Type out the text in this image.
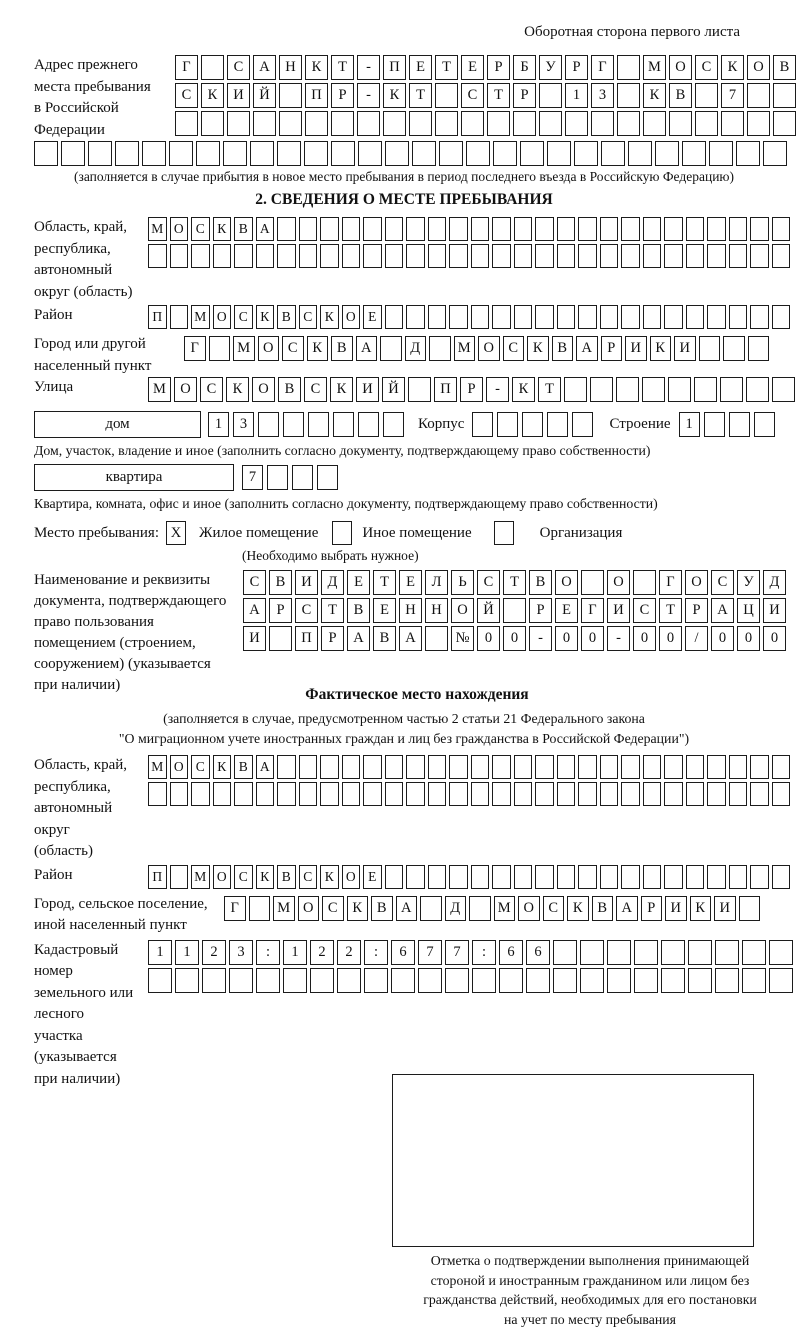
Оборотная сторона первого листа
Адрес прежнего
места пребывания
в Российской
Федерации
Г	С	А	Н	К	Т	-	П	Е	Т	Е	Р	Б	У	Р	Г	М О	С	К	О	В
С	К	И	Й	П	Р	-	К	Т	С	Т	Р	1	3	К	В	7
(заполняется в случае прибытия в новое место пребывания в период последнего въезда в Российскую Федерацию)
2. СВЕДЕНИЯ О МЕСТЕ ПРЕБЫВАНИЯ
Область, край,
республика,
автономный
округ (область)
М О С К В А
Район	П	М О С К В С К О Е
Город или другой
населенный пункт
Г	М О С	К	В А	Д	М О С	К	В А	Р	И К И
Улица	М О	С	К	О	В	С	К	И	Й	П	Р	-	К	Т
дом	1	3	Корпус	Строение	1
Дом, участок, владение и иное (заполнить согласно документу, подтверждающему право собственности)
квартира	7
Квартира, комната, офис и иное (заполнить согласно документу, подтверждающему право собственности)
Место пребывания: X	Жилое помещение	Иное помещение	Организация
(Необходимо выбрать нужное)
Наименование и реквизиты
документа, подтверждающего
право пользования
помещением (строением,
сооружением) (указывается
при наличии)
С	В	И	Д	Е	Т	Е	Л	Ь	С	Т	В	О	О	Г	О	С	У	Д
А	Р	С	Т	В	Е	Н	Н	О	Й	Р	Е	Г	И	С	Т	Р	А	Ц	И
И	П	Р	А	В	А	№	0	0	-	0	0	-	0	0	/	0	0	0
Фактическое место нахождения
(заполняется в случае, предусмотренном частью 2 статьи 21 Федерального закона
"О миграционном учете иностранных граждан и лиц без гражданства в Российской Федерации")
Область, край,
республика,
автономный округ
(область)
М О С К В А
Район	П	М О С К В С К О Е
Город, сельское поселение,
иной населенный пункт
Г	М О С	К	В А	Д	М О С	К	В А	Р	И К И
Кадастровый номер
земельного или лесного
участка (указывается
при наличии)
1	1	2	3	:	1	2	2	:	6	7	7	:	6	6
Отметка о подтверждении выполнения принимающей
стороной и иностранным гражданином или лицом без
гражданства действий, необходимых для его постановки
на учет по месту пребывания
